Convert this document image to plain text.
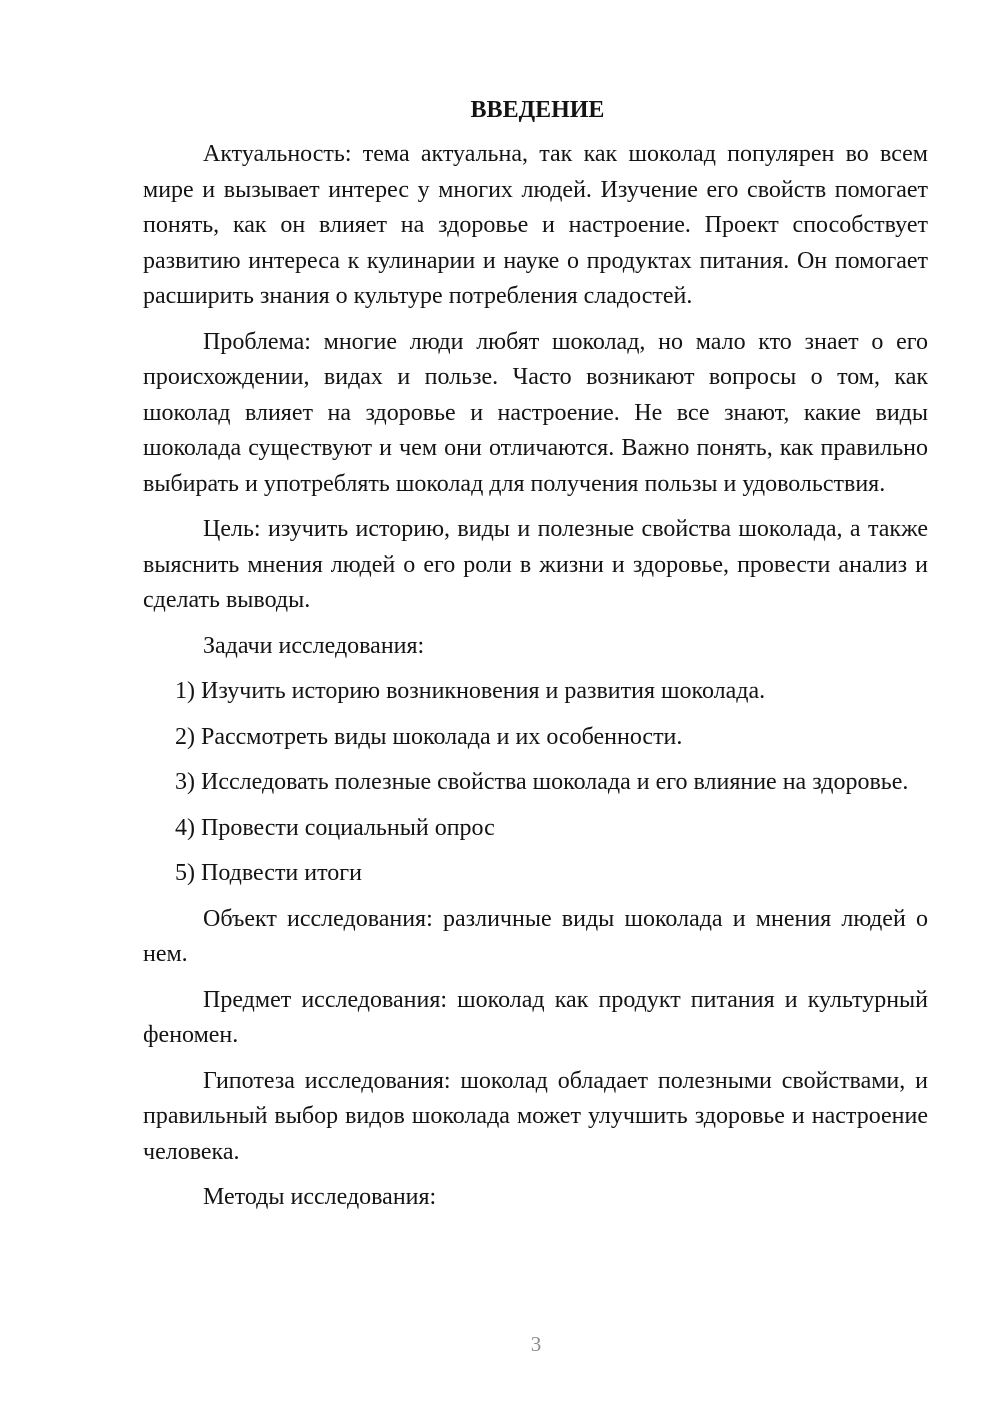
ВВЕДЕНИЕ

Актуальность: тема актуальна, так как шоколад популярен во всем мире и вызывает интерес у многих людей. Изучение его свойств помогает понять, как он влияет на здоровье и настроение. Проект способствует развитию интереса к кулинарии и науке о продуктах питания. Он помогает расширить знания о культуре потребления сладостей.

Проблема: многие люди любят шоколад, но мало кто знает о его происхождении, видах и пользе. Часто возникают вопросы о том, как шоколад влияет на здоровье и настроение. Не все знают, какие виды шоколада существуют и чем они отличаются. Важно понять, как правильно выбирать и употреблять шоколад для получения пользы и удовольствия.

Цель: изучить историю, виды и полезные свойства шоколада, а также выяснить мнения людей о его роли в жизни и здоровье, провести анализ и сделать выводы.

Задачи исследования:

1) Изучить историю возникновения и развития шоколада.

2) Рассмотреть виды шоколада и их особенности.

3) Исследовать полезные свойства шоколада и его влияние на здоровье.

4) Провести социальный опрос

5) Подвести итоги

Объект исследования: различные виды шоколада и мнения людей о нем.

Предмет исследования: шоколад как продукт питания и культурный феномен.

Гипотеза исследования: шоколад обладает полезными свойствами, и правильный выбор видов шоколада может улучшить здоровье и настроение человека.

Методы исследования:

3
